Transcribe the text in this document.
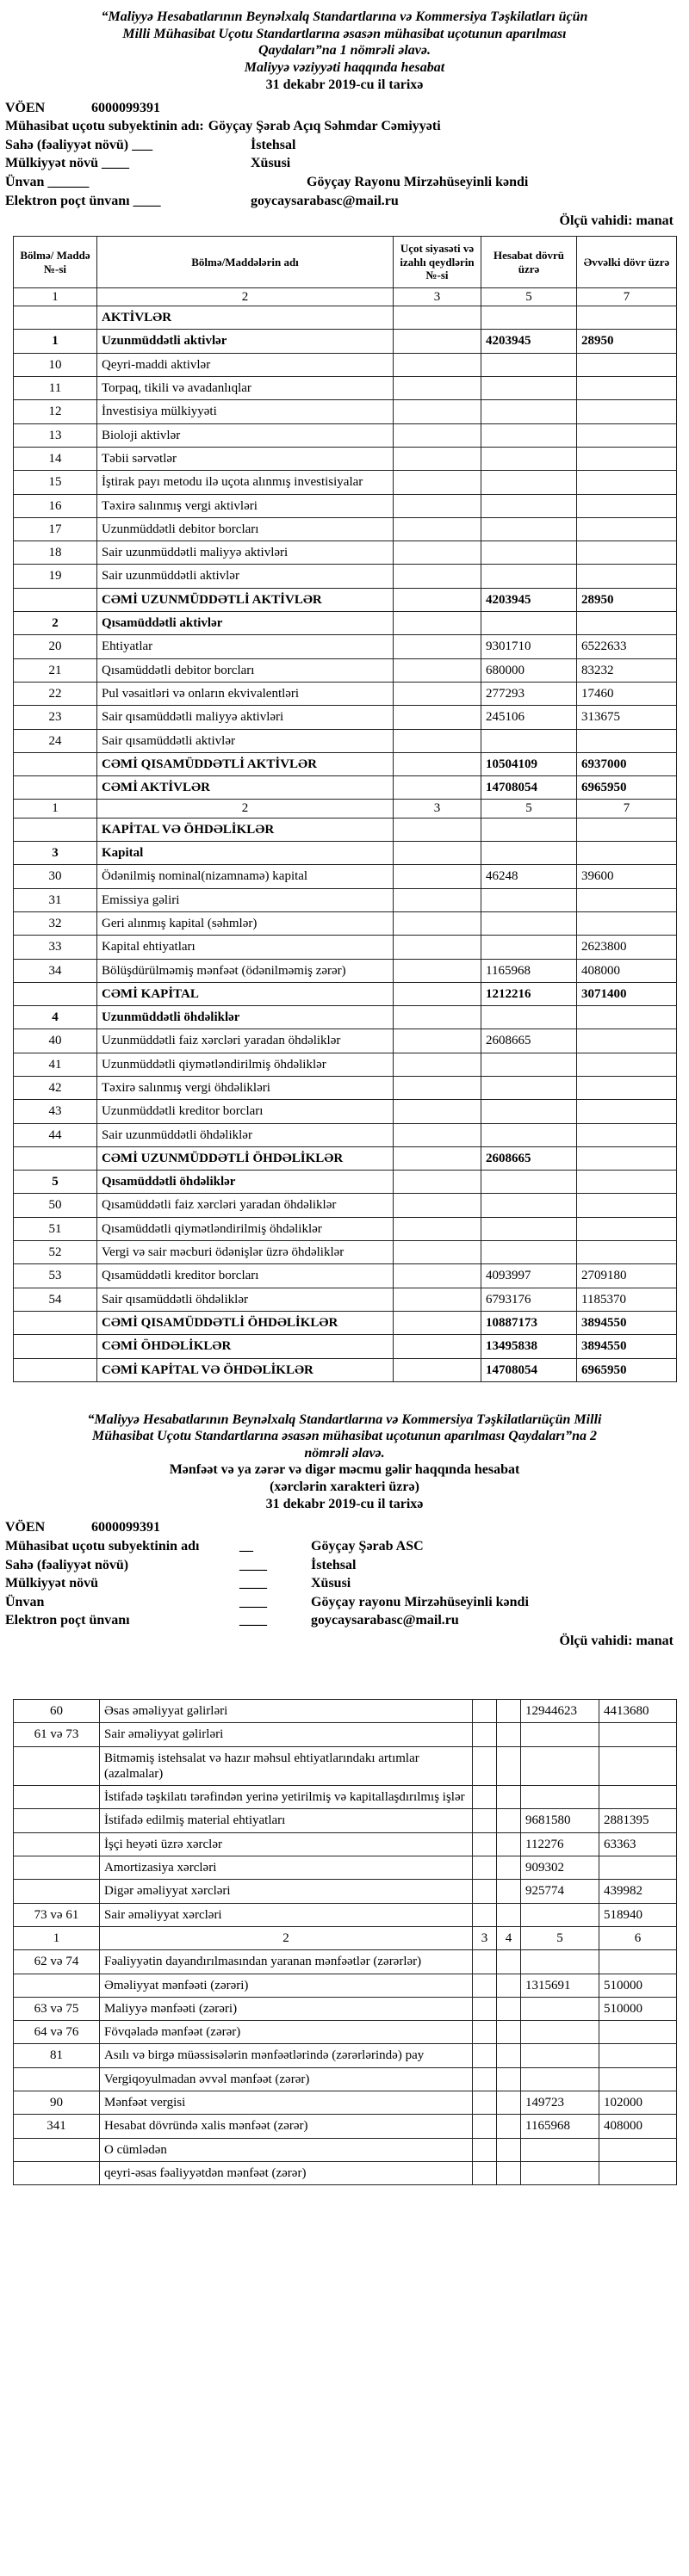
“Maliyyə Hesabatlarının Beynəlxalq Standartlarına və Kommersiya Təşkilatları üçün Milli Mühasibat Uçotu Standartlarına əsasən mühasibat uçotunun aparılması Qaydaları”na 1 nömrəli əlavə.

Maliyyə vəziyyəti haqqında hesabat

31 dekabr 2019-cu il tarixə

VÖEN	6000099391
Mühasibat uçotu subyektinin adı: Göyçay Şərab Açıq Səhmdar Cəmiyyəti
Sahə (fəaliyyət növü) ___	İstehsal
Mülkiyyət növü ____	Xüsusi
Ünvan ______	Göyçay Rayonu Mirzəhüseyinli kəndi
Elektron poçt ünvanı ____	goycaysarabasc@mail.ru

Ölçü vahidi: manat

Bölmə/ Maddə №-si	Bölmə/Maddələrin adı	Uçot siyasəti və izahlı qeydlərin №-si	Hesabat dövrü üzrə	Əvvəlki dövr üzrə
1	2	3	5	7
	AKTİVLƏR			
1	Uzunmüddətli aktivlər		4203945	28950
10	Qeyri-maddi aktivlər			
11	Torpaq, tikili və avadanlıqlar			
12	İnvestisiya mülkiyyəti			
13	Bioloji aktivlər			
14	Təbii sərvətlər			
15	İştirak payı metodu ilə uçota alınmış investisiyalar			
16	Təxirə salınmış vergi aktivləri			
17	Uzunmüddətli debitor borcları			
18	Sair uzunmüddətli maliyyə aktivləri			
19	Sair uzunmüddətli aktivlər			
	CƏMİ UZUNMÜDDƏTLİ AKTİVLƏR		4203945	28950
2	Qısamüddətli aktivlər			
20	Ehtiyatlar		9301710	6522633
21	Qısamüddətli debitor borcları		680000	83232
22	Pul vəsaitləri və onların ekvivalentləri		277293	17460
23	Sair qısamüddətli maliyyə aktivləri		245106	313675
24	Sair qısamüddətli aktivlər			
	CƏMİ QISAMÜDDƏTLİ AKTİVLƏR		10504109	6937000
	CƏMİ AKTİVLƏR		14708054	6965950
1	2	3	5	7
	KAPİTAL VƏ ÖHDƏLİKLƏR			
3	Kapital			
30	Ödənilmiş nominal(nizamnamə) kapital		46248	39600
31	Emissiya gəliri			
32	Geri alınmış kapital (səhmlər)			
33	Kapital ehtiyatları			2623800
34	Bölüşdürülməmiş mənfəət (ödənilməmiş zərər)		1165968	408000
	CƏMİ KAPİTAL		1212216	3071400
4	Uzunmüddətli öhdəliklər			
40	Uzunmüddətli faiz xərcləri yaradan öhdəliklər		2608665	
41	Uzunmüddətli qiymətləndirilmiş öhdəliklər			
42	Təxirə salınmış vergi öhdəlikləri			
43	Uzunmüddətli kreditor borcları			
44	Sair uzunmüddətli öhdəliklər			
	CƏMİ UZUNMÜDDƏTLİ ÖHDƏLİKLƏR		2608665	
5	Qısamüddətli öhdəliklər			
50	Qısamüddətli faiz xərcləri yaradan öhdəliklər			
51	Qısamüddətli qiymətləndirilmiş öhdəliklər			
52	Vergi və sair məcburi ödənişlər üzrə öhdəliklər			
53	Qısamüddətli kreditor borcları		4093997	2709180
54	Sair qısamüddətli öhdəliklər		6793176	1185370
	CƏMİ QISAMÜDDƏTLİ ÖHDƏLİKLƏR		10887173	3894550
	CƏMİ ÖHDƏLİKLƏR		13495838	3894550
	CƏMİ KAPİTAL VƏ ÖHDƏLİKLƏR		14708054	6965950

“Maliyyə Hesabatlarının Beynəlxalq Standartlarına və Kommersiya Təşkilatlarıüçün Milli Mühasibat Uçotu Standartlarına əsasən mühasibat uçotunun aparılması Qaydaları”na 2 nömrəli əlavə.

Mənfəət və ya zərər və digər məcmu gəlir haqqında hesabat

(xərclərin xarakteri üzrə)

31 dekabr 2019-cu il tarixə

VÖEN	6000099391
Mühasibat uçotu subyektinin adı	__	Göyçay Şərab ASC
Sahə (fəaliyyət növü)	____	İstehsal
Mülkiyyət növü	____	Xüsusi
Ünvan	____	Göyçay rayonu Mirzəhüseyinli kəndi
Elektron poçt ünvanı	____	goycaysarabasc@mail.ru

Ölçü vahidi: manat

60	Əsas əməliyyat gəlirləri			12944623	4413680
61 və 73	Sair əməliyyat gəlirləri				
	Bitməmiş istehsalat və hazır məhsul ehtiyatlarındakı artımlar (azalmalar)				
	İstifadə təşkilatı tərəfindən yerinə yetirilmiş və kapitallaşdırılmış işlər				
	İstifadə edilmiş material ehtiyatları			9681580	2881395
	İşçi heyəti üzrə xərclər			112276	63363
	Amortizasiya xərcləri			909302	
	Digər əməliyyat xərcləri			925774	439982
73 və 61	Sair əməliyyat xərcləri				518940
1	2	3	4	5	6
62 və 74	Fəaliyyətin dayandırılmasından yaranan mənfəətlər (zərərlər)				
	Əməliyyat mənfəəti (zərəri)			1315691	510000
63 və 75	Maliyyə mənfəəti (zərəri)				510000
64 və 76	Fövqəladə mənfəət (zərər)				
81	Asılı və birgə müəssisələrin mənfəətlərində (zərərlərində) pay				
	Vergiqoyulmadan əvvəl mənfəət (zərər)				
90	Mənfəət vergisi			149723	102000
341	Hesabat dövründə xalis mənfəət (zərər)			1165968	408000
	O cümlədən				
	qeyri-əsas fəaliyyətdən mənfəət (zərər)				
